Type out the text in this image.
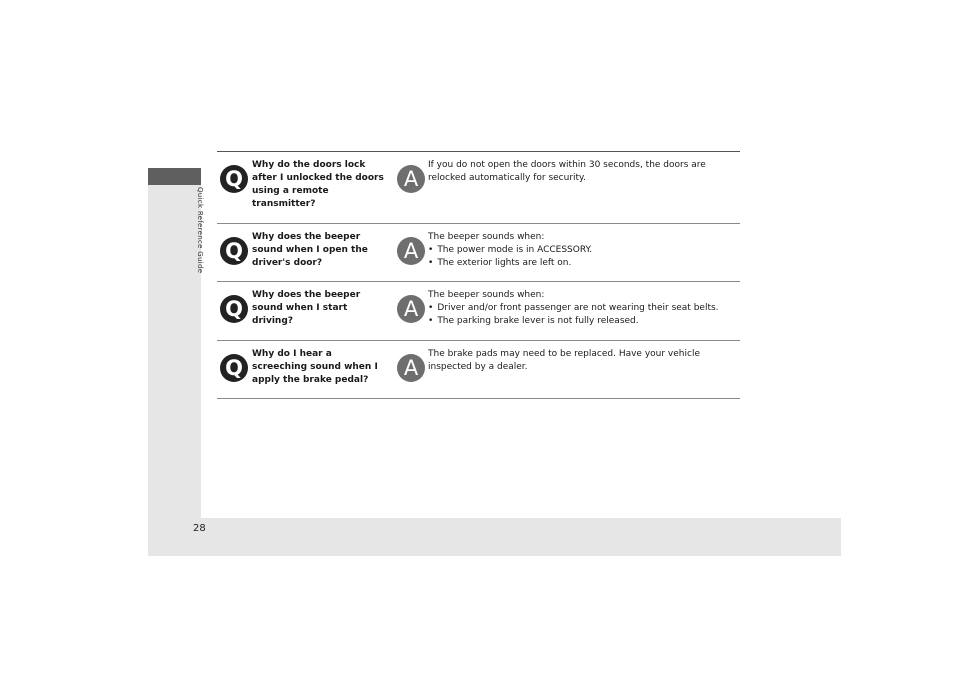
Quick Reference Guide
28
Q
Why do the doors lock after I unlocked the doors using a remote transmitter?
A
If you do not open the doors within 30 seconds, the doors are relocked automatically for security.
Q
Why does the beeper sound when I open the driver's door?	A
The beeper sounds when:
• The power mode is in ACCESSORY.
• The exterior lights are left on.
Q
Why does the beeper sound when I start driving?	A
The beeper sounds when:
• Driver and/or front passenger are not wearing their seat belts.
• The parking brake lever is not fully released.
Q
Why do I hear a screeching sound when I apply the brake pedal?	A
The brake pads may need to be replaced. Have your vehicle inspected by a dealer.
